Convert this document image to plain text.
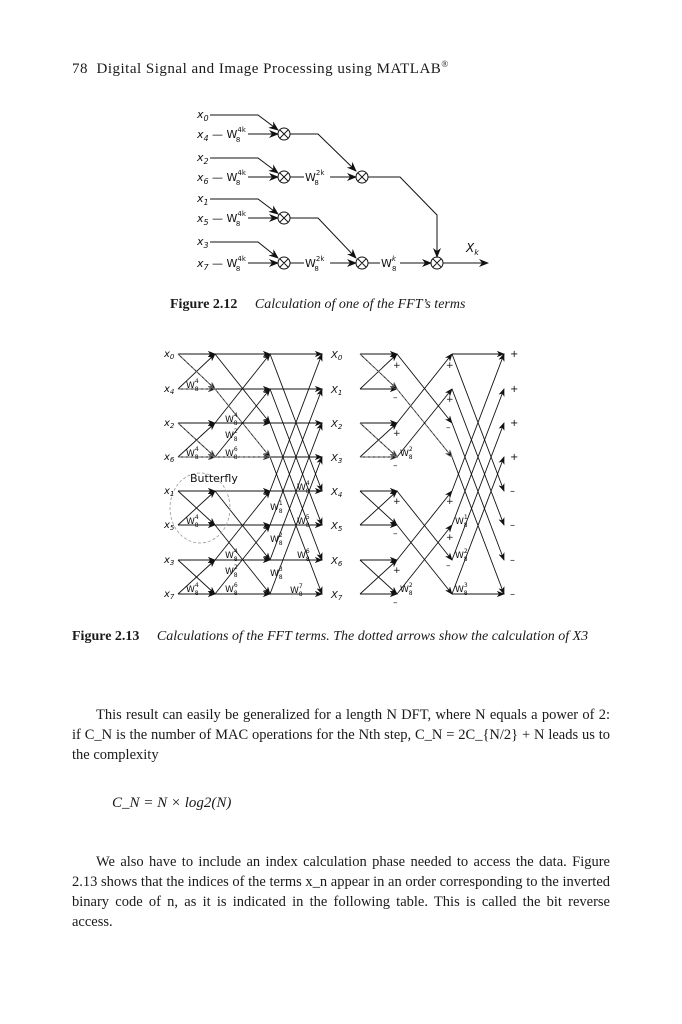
78 Digital Signal and Image Processing using MATLAB®
$x_0$
$x_4$
$x_2$
$x_6$
$x_1$
$x_5$
$x_3$
$x_7$
— $W^{4k}$ 8
— $W^{4k}$ 8
— $W^{4k}$ 8
— $W^{4k}$ 8
$W^{2k}$ 8
$W^{2k}$ 8	$W^k$ 8
$X_k$
Figure 2.12 Calculation of one of the FFT’s terms
$x_0$
$x_4$
$x_2$
$x_6$
$x_1$
$x_5$
$x_3$
$x_7$
$X_0$
$X_1$
$X_2$
$X_3$
$X_4$
$X_5$
$X_6$
$X_7$
$W^4$ 8
$W^4$ 8
$W^4$ 8
$W^4$ 8
$W^4$ 8
$W^2$ 8
$W^6$ 8
$W^4$ 8
$W^2$ 8
$W^6$ 8
$W^4$ 8
$W^1$ 8
$W^5$ 8
$W^2$ 8
$W^6$ 8
$W^3$ 8
$W^7$ 8
$W^2$ 8
$W^2$ 8
$W^1$ 8
$W^2$ 8
$W^3$ 8
Butterfly
+
+
+
+
–
–
–
–
+
–
+
–
+
–
+
–
+
+
–
+
+
–
Figure 2.13 Calculations of the FFT terms. The dotted arrows show the calculation of X3

This result can easily be generalized for a length N DFT, where N equals a power of 2: if C_N is the number of MAC operations for the Nth step, C_N = 2C_{N/2} + N leads us to the complexity

C_N = N × log2(N)

We also have to include an index calculation phase needed to access the data. Figure 2.13 shows that the indices of the terms x_n appear in an order corresponding to the inverted binary code of n, as it is indicated in the following table. This is called the bit reverse access.
